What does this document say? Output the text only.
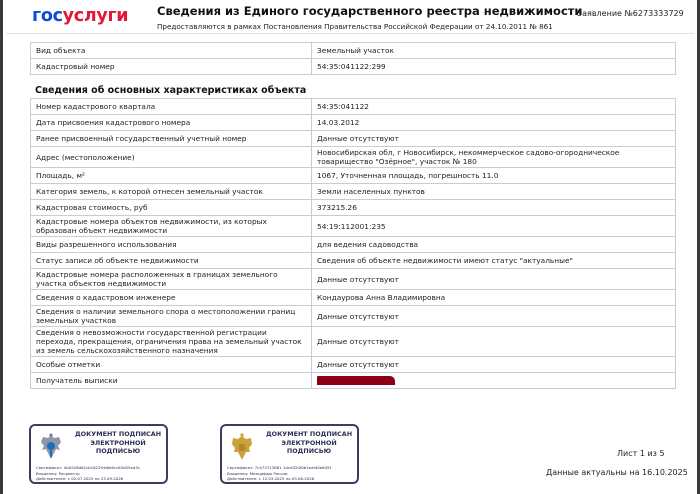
госуслуги Сведения из Единого государственного реестра недвижимости
Предоставляются в рамках Постановления Правительства Российской Федерации от 24.10.2011 № 861
Заявление №6273333729
Вид объекта	Земельный участок
Кадастровый номер	54:35:041122:299
Сведения об основных характеристиках объекта
Номер кадастрового квартала	54:35:041122
Дата присвоения кадастрового номера	14.03.2012
Ранее присвоенный государственный учетный номер	Данные отсутствуют
Адрес (местоположение)	Новосибирская обл, г Новосибирск, некоммерческое садово-огородническое товарищество "Озёрное", участок № 180
Площадь, м²	1067, Уточненная площадь, погрешность 11.0
Категория земель, к которой отнесен земельный участок	Земли населенных пунктов
Кадастровая стоимость, руб	373215.26
Кадастровые номера объектов недвижимости, из которых образован объект недвижимости	54:19:112001:235
Виды разрешенного использования	для ведения садоводства
Статус записи об объекте недвижимости	Сведения об объекте недвижимости имеют статус "актуальные"
Кадастровые номера расположенных в границах земельного участка объектов недвижимости	Данные отсутствуют
Сведения о кадастровом инженере	Кондаурова Анна Владимировна
Сведения о наличии земельного спора о местоположении границ земельных участков	Данные отсутствуют
Сведения о невозможности государственной регистрации перехода, прекращения, ограничения права на земельный участок из земель сельскохозяйственного назначения	Данные отсутствуют
Особые отметки	Данные отсутствуют
Получатель выписки	
ДОКУМЕНТ ПОДПИСАН ЭЛЕКТРОННОЙ ПОДПИСЬЮ
Сертификат: 4b0528d61cb1622fcb6e6cc63d55ed3c
Владелец: Росреестр
Действителен: с 02.07.2025 по 25.09.2026
ДОКУМЕНТ ПОДПИСАН ЭЛЕКТРОННОЙ ПОДПИСЬЮ
Сертификат: 7c473713681 1dcd520f0b1eaf40e645f
Владелец: Минцифры России
Действителен: с 12.03.2025 по 05.06.2026
Лист 1 из 5
Данные актуальны на 16.10.2025
